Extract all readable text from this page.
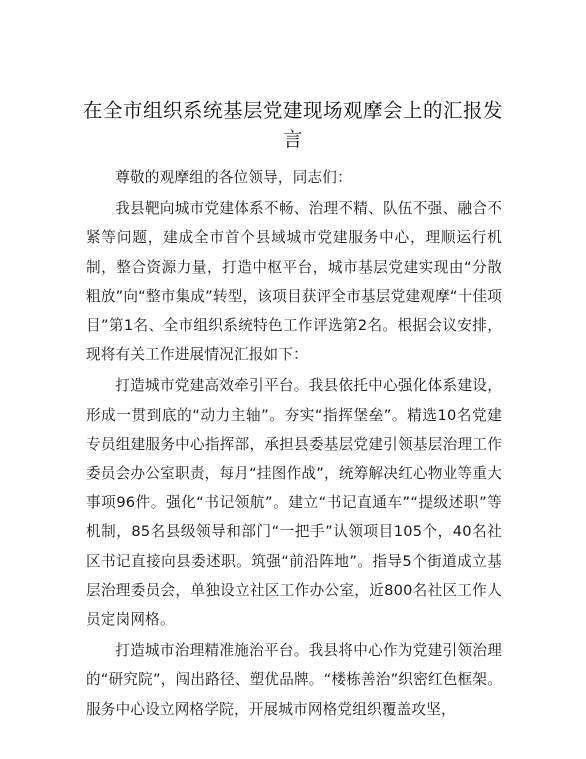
在全市组织系统基层党建现场观摩会上的汇报发言

尊敬的观摩组的各位领导，同志们：

我县靶向城市党建体系不畅、治理不精、队伍不强、融合不紧等问题，建成全市首个县域城市党建服务中心，理顺运行机制，整合资源力量，打造中枢平台，城市基层党建实现由“分散粗放”向“整市集成”转型，该项目获评全市基层党建观摩“十佳项目”第1名、全市组织系统特色工作评选第2名。根据会议安排，现将有关工作进展情况汇报如下：

打造城市党建高效牵引平台。我县依托中心强化体系建设，形成一贯到底的“动力主轴”。夯实“指挥堡垒”。精选10名党建专员组建服务中心指挥部，承担县委基层党建引领基层治理工作委员会办公室职责，每月“挂图作战”，统筹解决红心物业等重大事项96件。强化“书记领航”。建立“书记直通车”“提级述职”等机制，85名县级领导和部门“一把手”认领项目105个，40名社区书记直接向县委述职。筑强“前沿阵地”。指导5个街道成立基层治理委员会，单独设立社区工作办公室，近800名社区工作人员定岗网格。

打造城市治理精准施治平台。我县将中心作为党建引领治理的“研究院”，闯出路径、塑优品牌。“楼栋善治”织密红色框架。服务中心设立网格学院，开展城市网格党组织覆盖攻坚，
